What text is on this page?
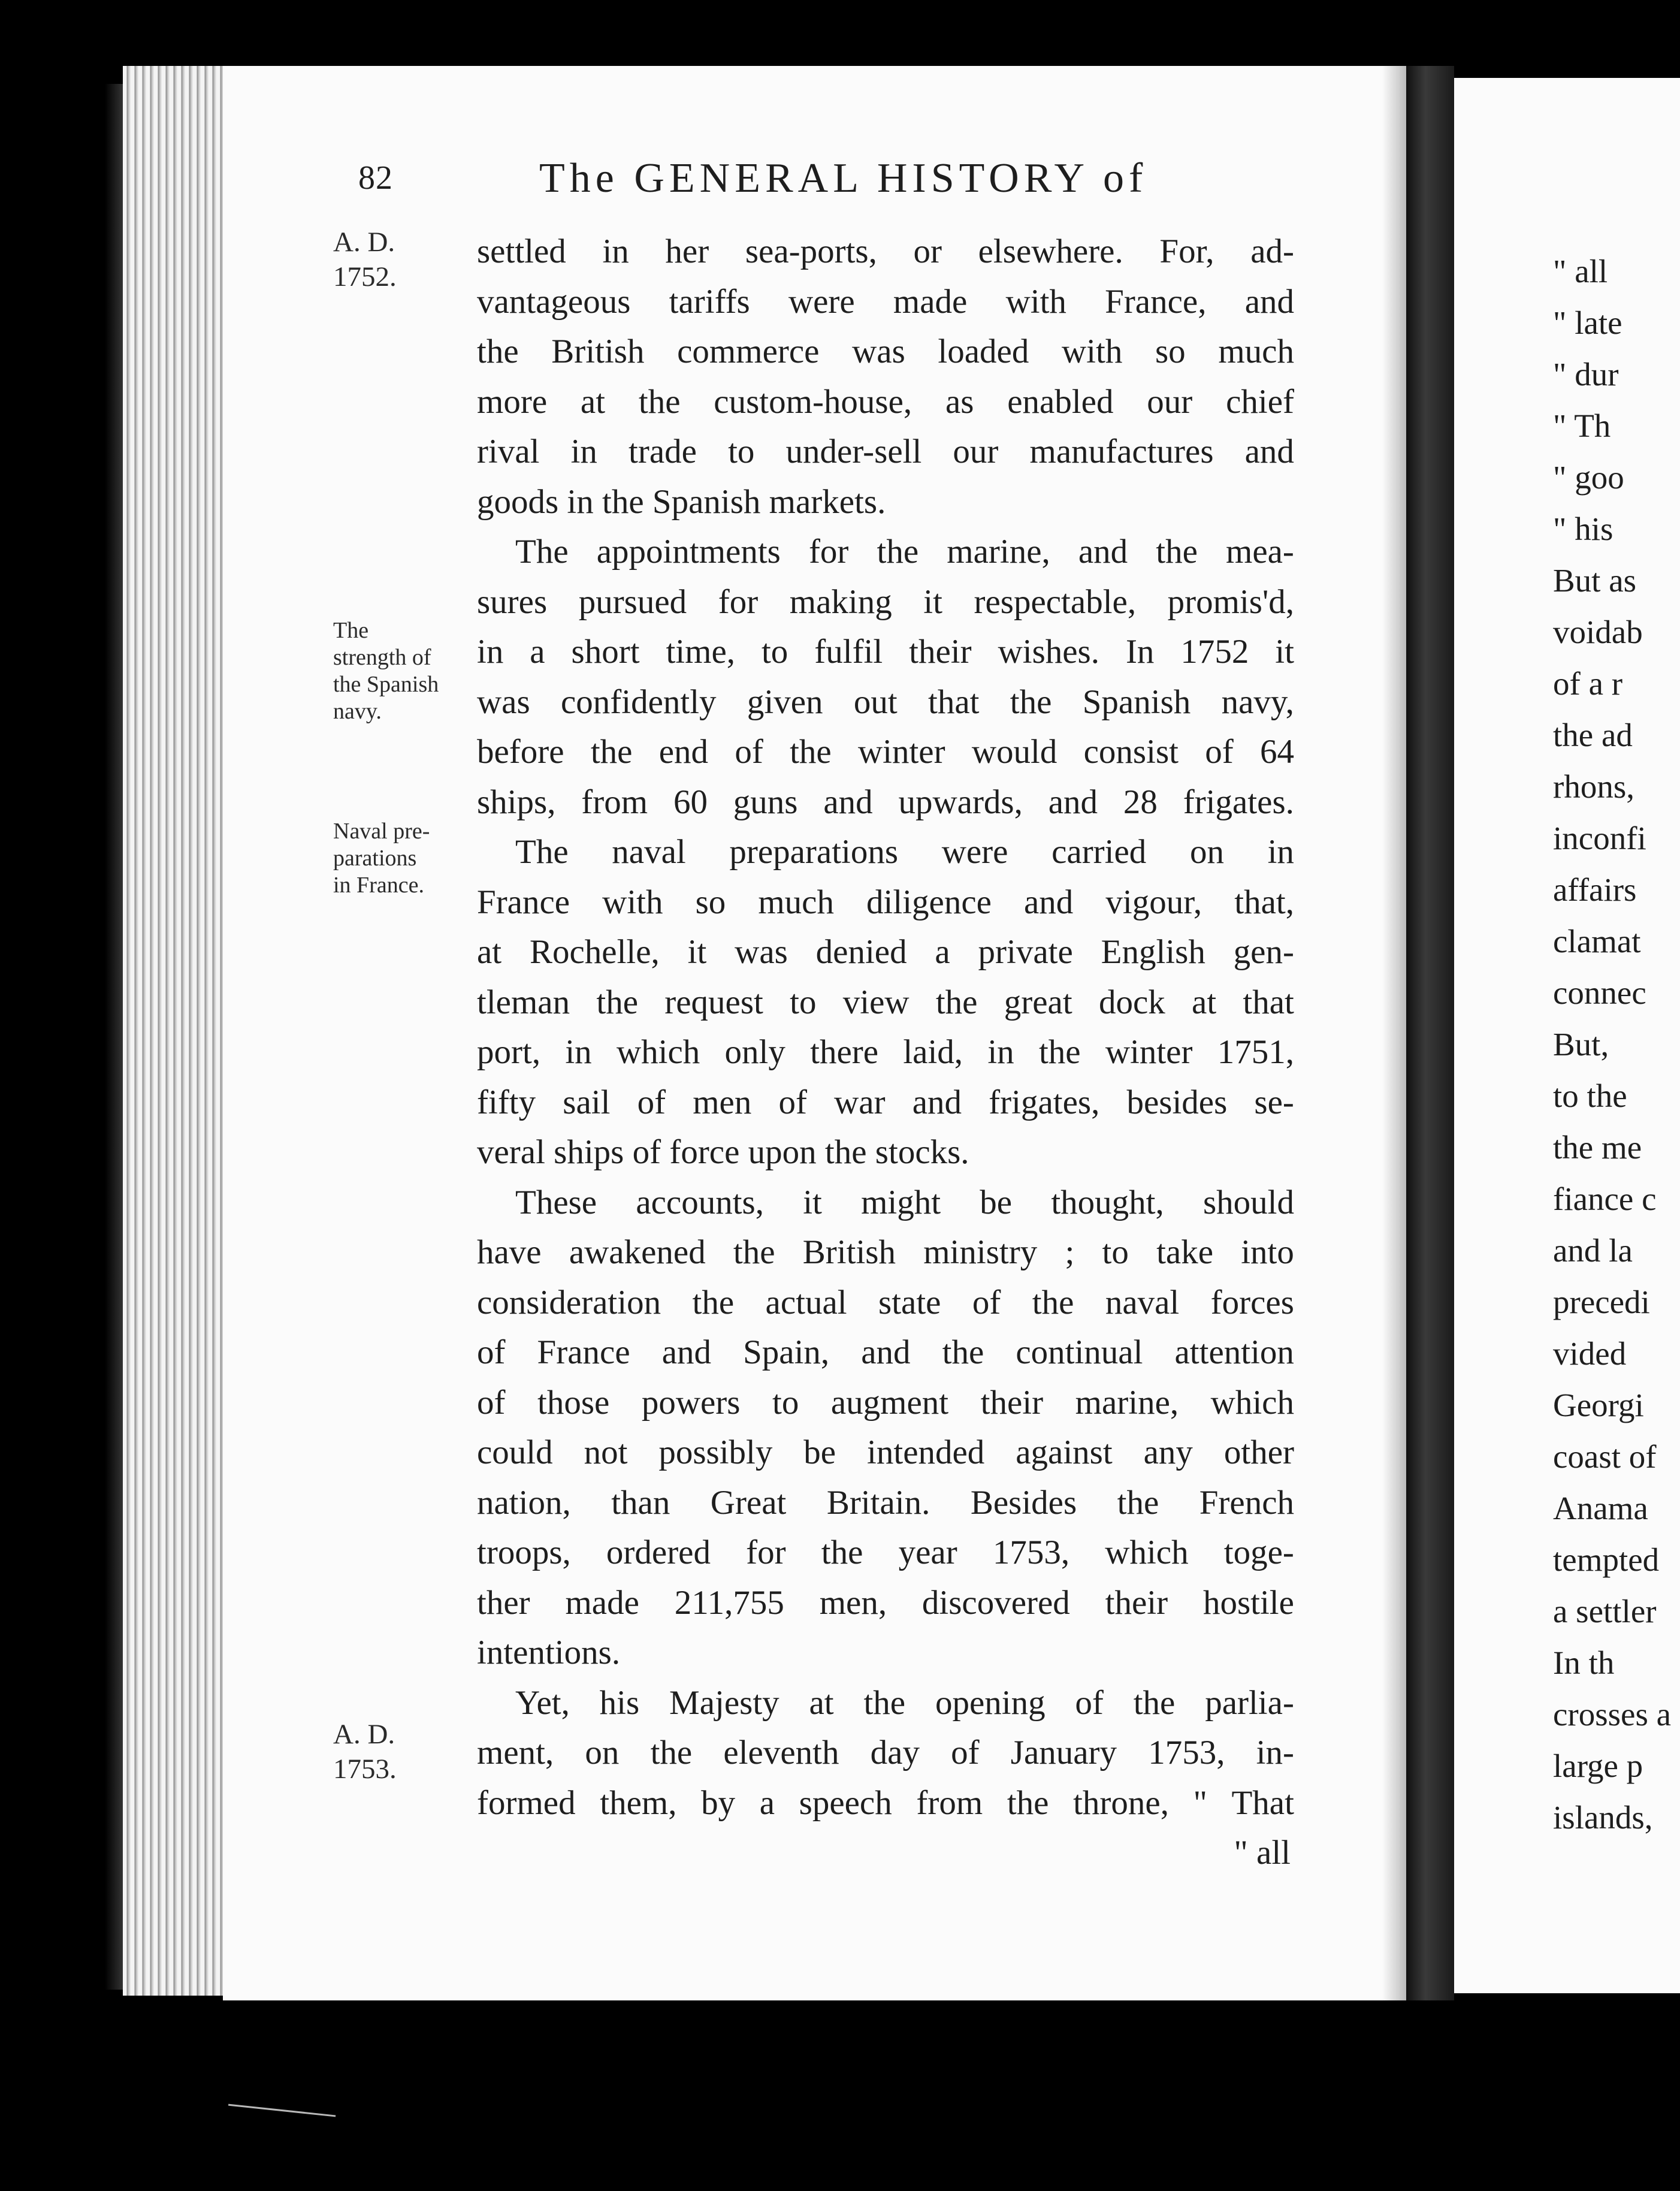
82	The GENERAL HISTORY of
A. D.
1752.
The
strength of
the Spanish
navy.
Naval pre-
parations
in France.
A. D.
1753.
settled in her sea-ports, or elsewhere. For, ad-
vantageous tariffs were made with France, and
the British commerce was loaded with so much
more at the custom-house, as enabled our chief
rival in trade to under-sell our manufactures and
goods in the Spanish markets.
The appointments for the marine, and the mea-
sures pursued for making it respectable, promis'd,
in a short time, to fulfil their wishes. In 1752 it
was confidently given out that the Spanish navy,
before the end of the winter would consist of 64
ships, from 60 guns and upwards, and 28 frigates.
The naval preparations were carried on in
France with so much diligence and vigour, that,
at Rochelle, it was denied a private English gen-
tleman the request to view the great dock at that
port, in which only there laid, in the winter 1751,
fifty sail of men of war and frigates, besides se-
veral ships of force upon the stocks.
These accounts, it might be thought, should
have awakened the British ministry ; to take into
consideration the actual state of the naval forces
of France and Spain, and the continual attention
of those powers to augment their marine, which
could not possibly be intended against any other
nation, than Great Britain. Besides the French
troops, ordered for the year 1753, which toge-
ther made 211,755 men, discovered their hostile
intentions.
Yet, his Majesty at the opening of the parlia-
ment, on the eleventh day of January 1753, in-
formed them, by a speech from the throne, " That
" all
" all
" late
" dur
" Th
" goo
" his
But as
voidab
of a r
the ad
rhons,
inconfi
affairs
clamat
connec
But,
to the
the me
fiance c
and la
precedi
vided
Georgi
coast of
Anama
tempted
a settler
In th
crosses a
large p
islands,
